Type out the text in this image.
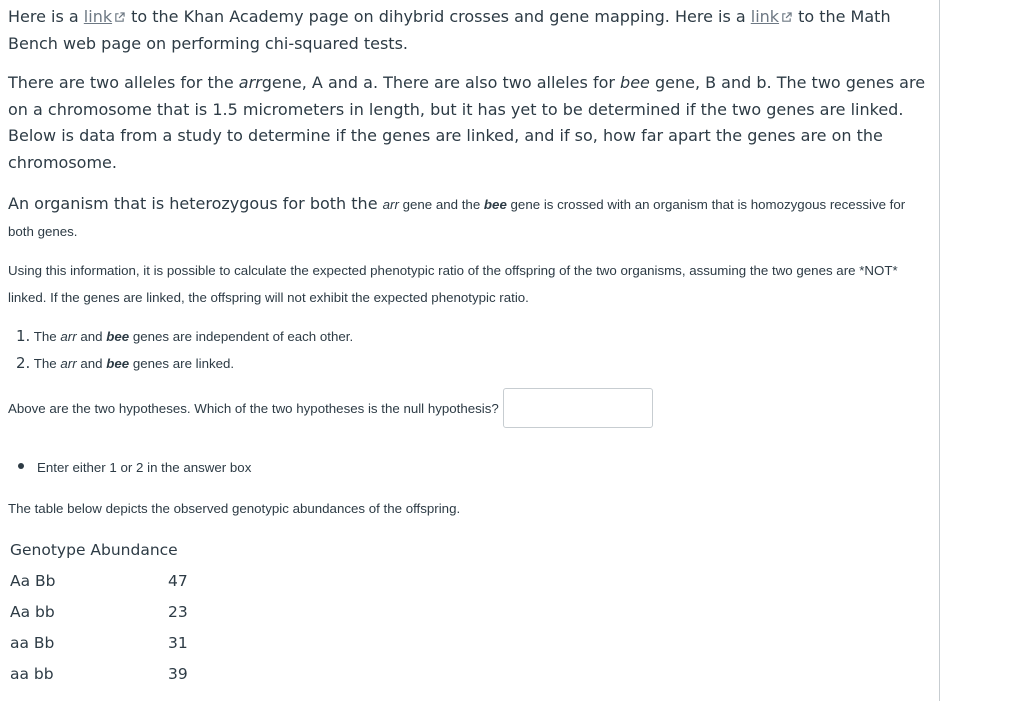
Here is a link to the Khan Academy page on dihybrid crosses and gene mapping. Here is a link to the Math Bench web page on performing chi-squared tests.

There are two alleles for the arrgene, A and a. There are also two alleles for bee gene, B and b. The two genes are on a chromosome that is 1.5 micrometers in length, but it has yet to be determined if the two genes are linked. Below is data from a study to determine if the genes are linked, and if so, how far apart the genes are on the chromosome.

An organism that is heterozygous for both the arr gene and the bee gene is crossed with an organism that is homozygous recessive for both genes.

Using this information, it is possible to calculate the expected phenotypic ratio of the offspring of the two organisms, assuming the two genes are *NOT* linked. If the genes are linked, the offspring will not exhibit the expected phenotypic ratio.

1. The arr and bee genes are independent of each other.
2. The arr and bee genes are linked.
Above are the two hypotheses. Which of the two hypotheses is the null hypothesis?
Enter either 1 or 2 in the answer box
The table below depicts the observed genotypic abundances of the offspring.
Genotype Abundance	
Aa Bb	47
Aa bb	23
aa Bb	31
aa bb	39
